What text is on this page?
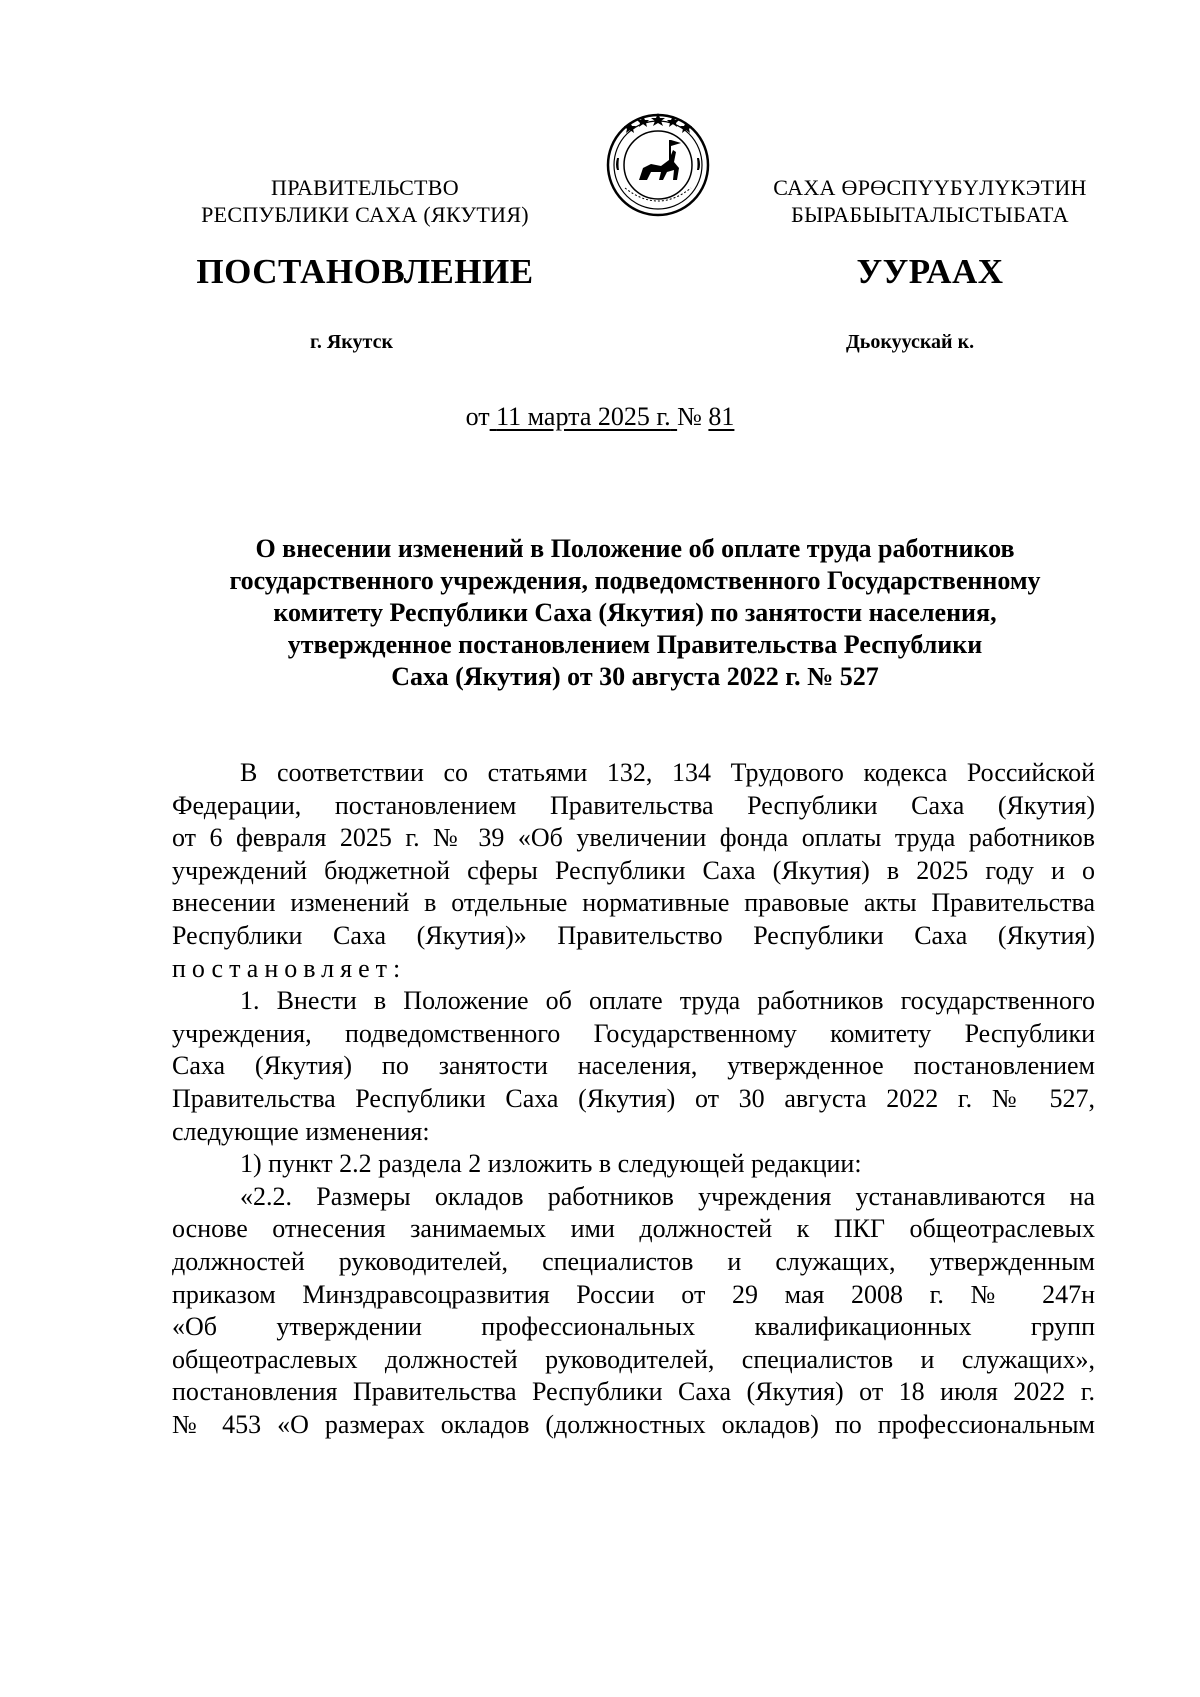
ПРАВИТЕЛЬСТВО
РЕСПУБЛИКИ САХА (ЯКУТИЯ)
САХА ӨРӨСПҮҮБҮЛҮКЭТИН
БЫРАБЫЫТАЛЫСТЫБАТА
ПОСТАНОВЛЕНИЕ	УУРААХ
г. Якутск	Дьокуускай к.
от 11 марта 2025 г. № 81
О внесении изменений в Положение об оплате труда работников
государственного учреждения, подведомственного Государственному
комитету Республики Саха (Якутия) по занятости населения,
утвержденное постановлением Правительства Республики
Саха (Якутия) от 30 августа 2022 г. № 527
В соответствии со статьями 132, 134 Трудового кодекса Российской
Федерации, постановлением Правительства Республики Саха (Якутия)
от 6 февраля 2025 г. № 39 «Об увеличении фонда оплаты труда работников
учреждений бюджетной сферы Республики Саха (Якутия) в 2025 году и о
внесении изменений в отдельные нормативные правовые акты Правительства
Республики Саха (Якутия)» Правительство Республики Саха (Якутия)
постановляет:
1. Внести в Положение об оплате труда работников государственного
учреждения, подведомственного Государственному комитету Республики
Саха (Якутия) по занятости населения, утвержденное постановлением
Правительства Республики Саха (Якутия) от 30 августа 2022 г. № 527,
следующие изменения:
1) пункт 2.2 раздела 2 изложить в следующей редакции:
«2.2. Размеры окладов работников учреждения устанавливаются на
основе отнесения занимаемых ими должностей к ПКГ общеотраслевых
должностей руководителей, специалистов и служащих, утвержденным
приказом Минздравсоцразвития России от 29 мая 2008 г. № 247н
«Об утверждении профессиональных квалификационных групп
общеотраслевых должностей руководителей, специалистов и служащих»,
постановления Правительства Республики Саха (Якутия) от 18 июля 2022 г.
№ 453 «О размерах окладов (должностных окладов) по профессиональным
